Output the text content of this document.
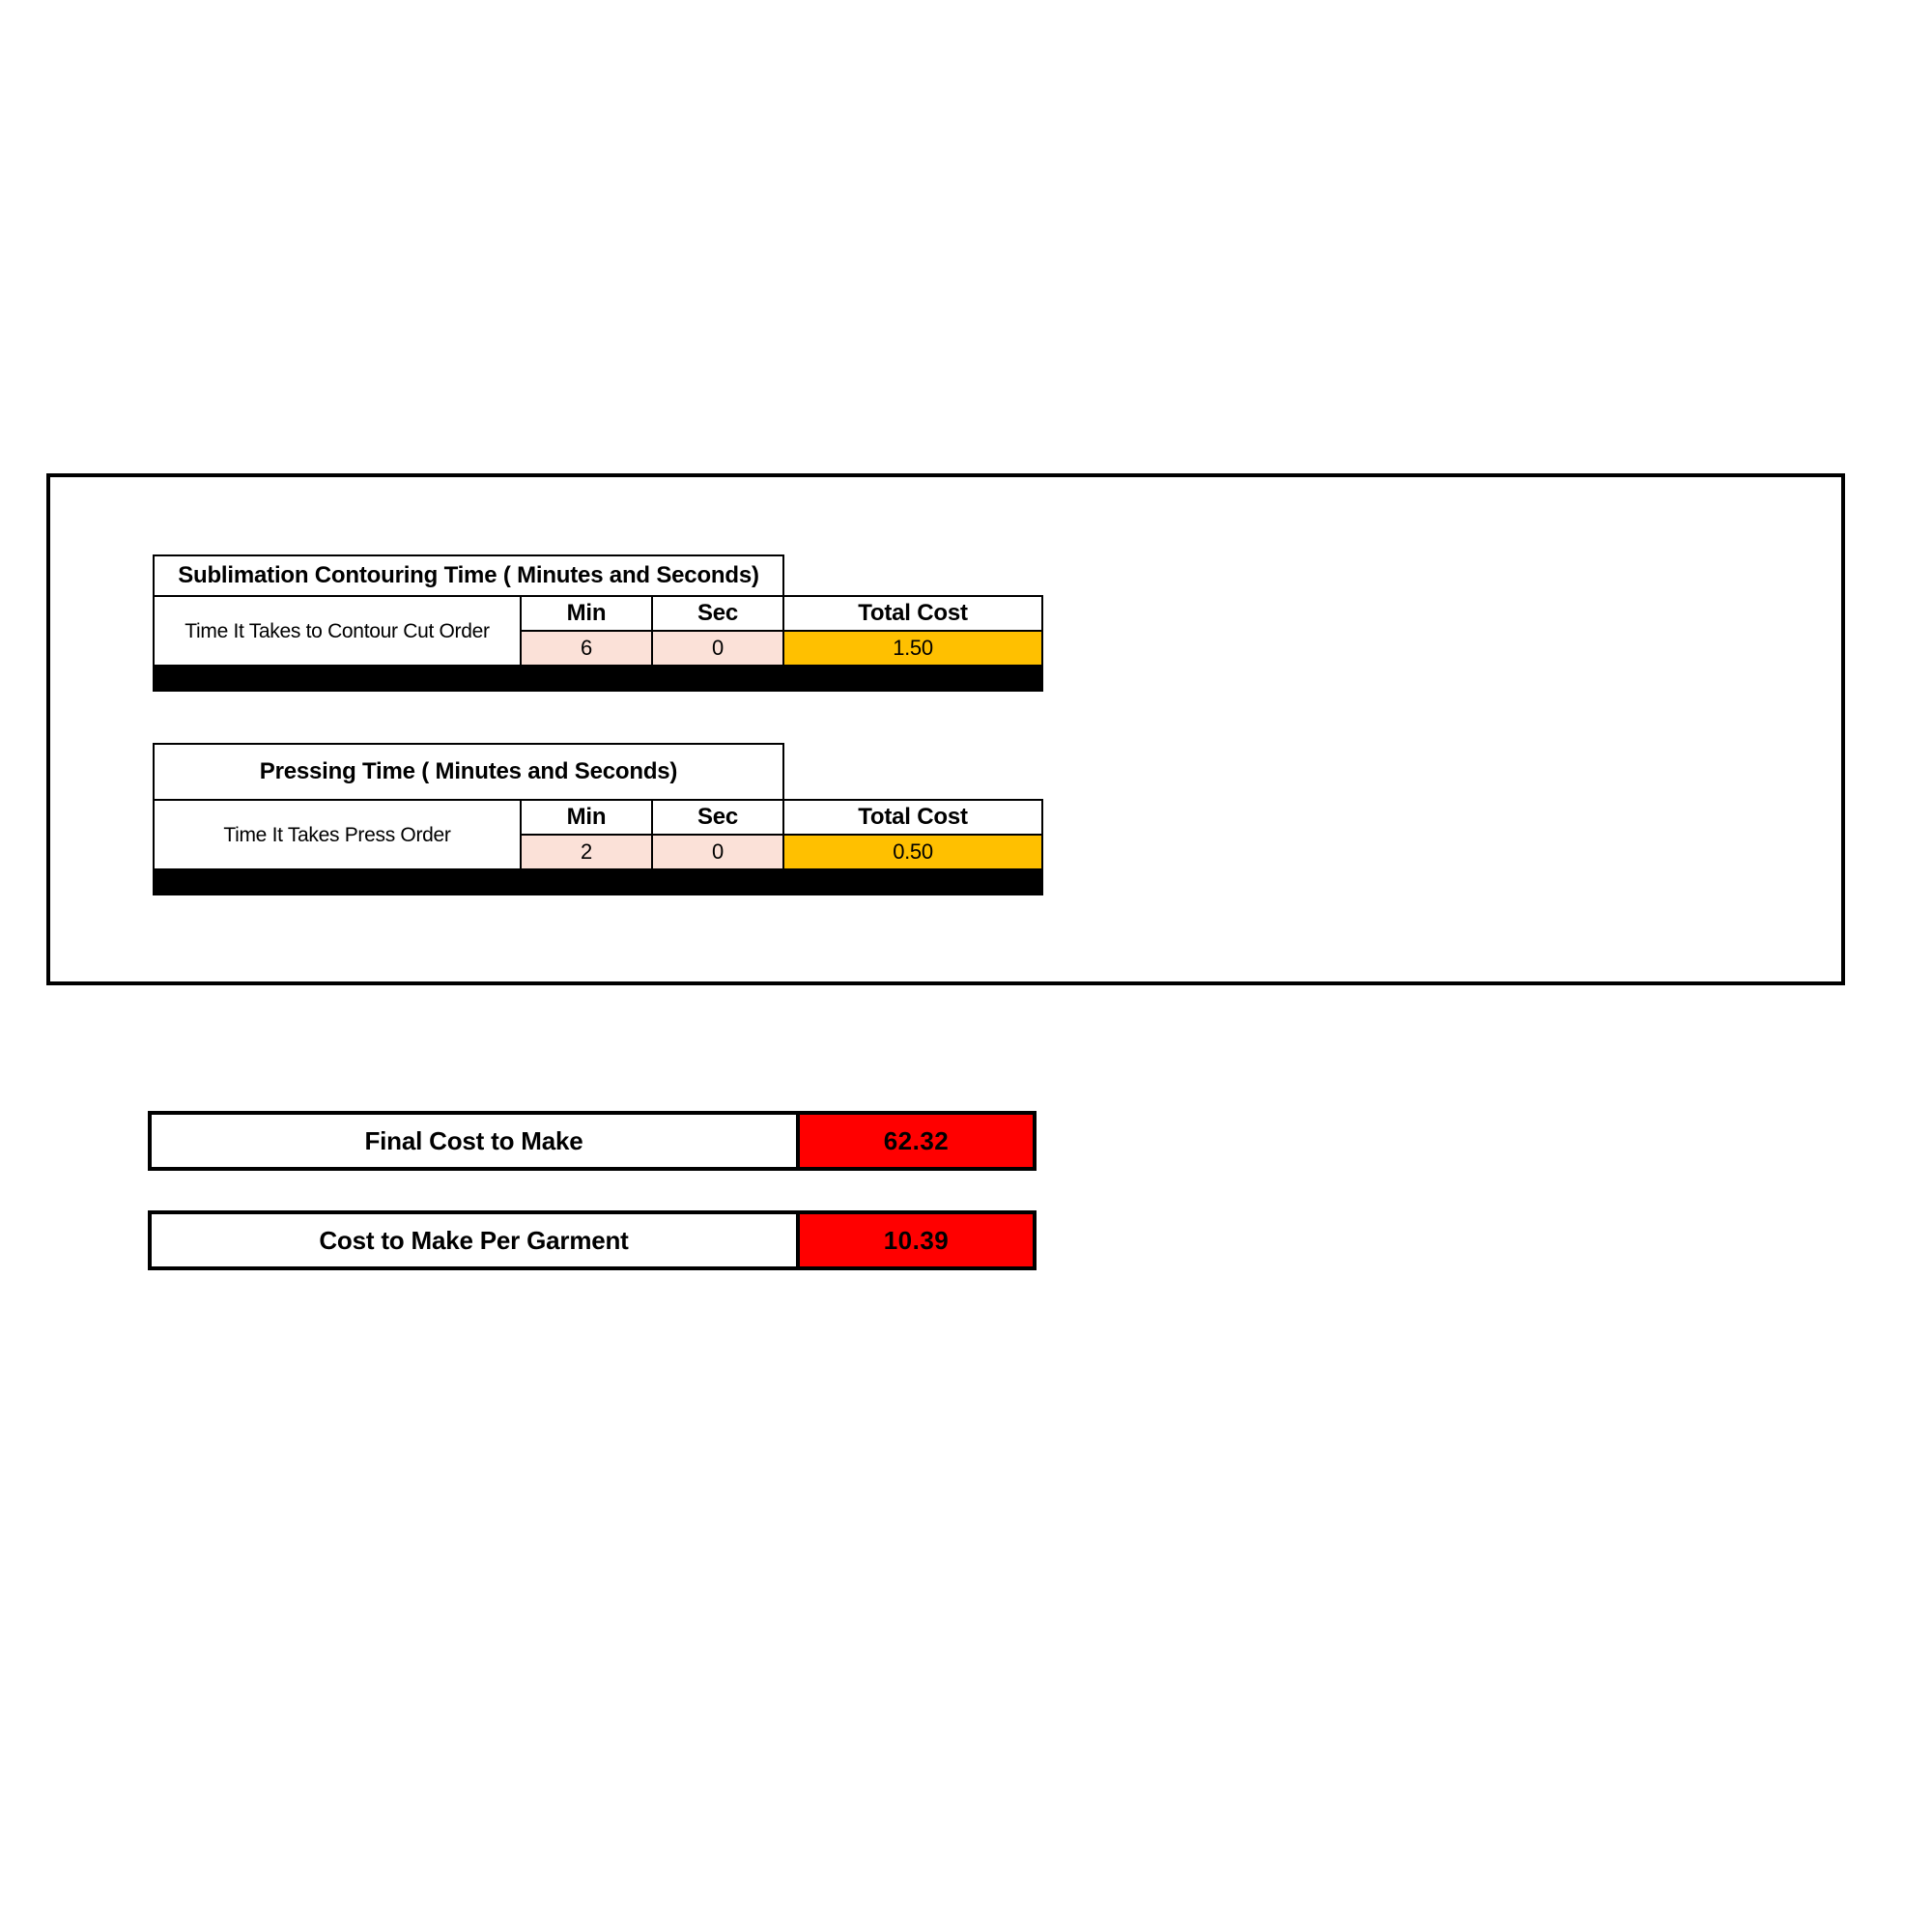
Sublimation Contouring Time ( Minutes and Seconds)			
Time It Takes to Contour Cut Order	Min	Sec	Total Cost
	6	0	1.50

Pressing Time ( Minutes and Seconds)			
Time It Takes Press Order	Min	Sec	Total Cost
	2	0	0.50

Final Cost to Make	62.32
Cost to Make Per Garment	10.39
